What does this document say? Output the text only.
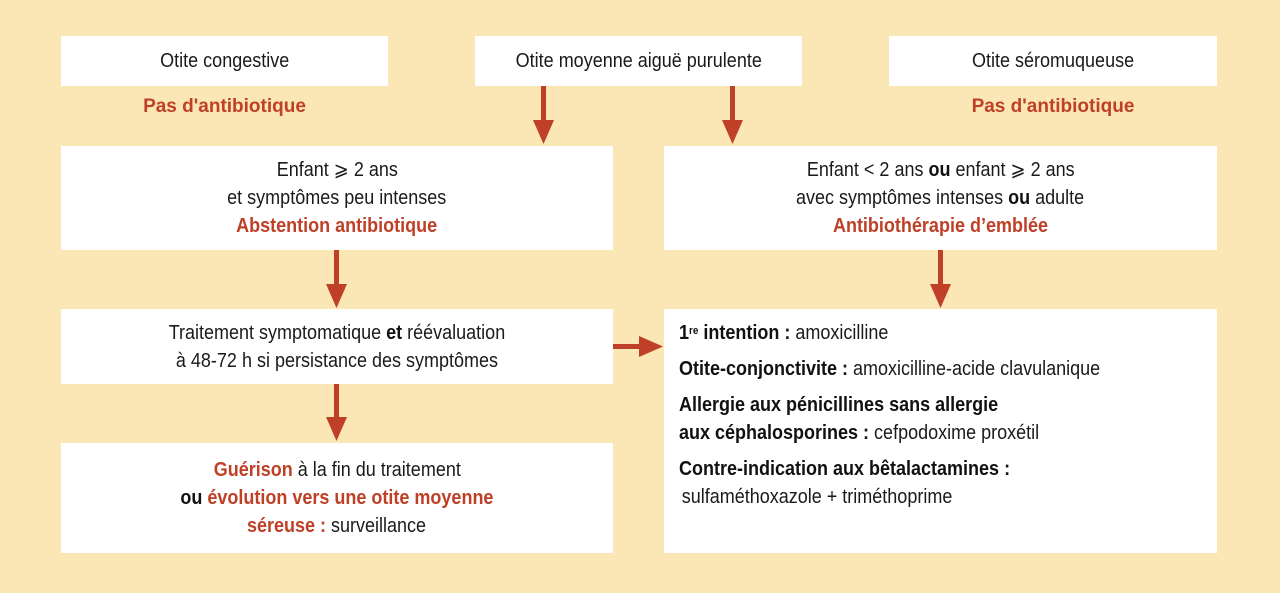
Otite congestive	Otite moyenne aiguë purulente	Otite séromuqueuse
Pas d'antibiotique	Pas d'antibiotique
Enfant ⩾ 2 ans
et symptômes peu intenses
Abstention antibiotique
Enfant < 2 ans ou enfant ⩾ 2 ans
avec symptômes intenses ou adulte
Antibiothérapie d’emblée
Traitement symptomatique et réévaluation
à 48-72 h si persistance des symptômes
Guérison à la fin du traitement
ou évolution vers une otite moyenne
séreuse : surveillance
1re intention : amoxicilline
Otite-conjonctivite : amoxicilline-acide clavulanique
Allergie aux pénicillines sans allergie
aux céphalosporines : cefpodoxime proxétil
Contre-indication aux bêtalactamines :
sulfaméthoxazole + triméthoprime
